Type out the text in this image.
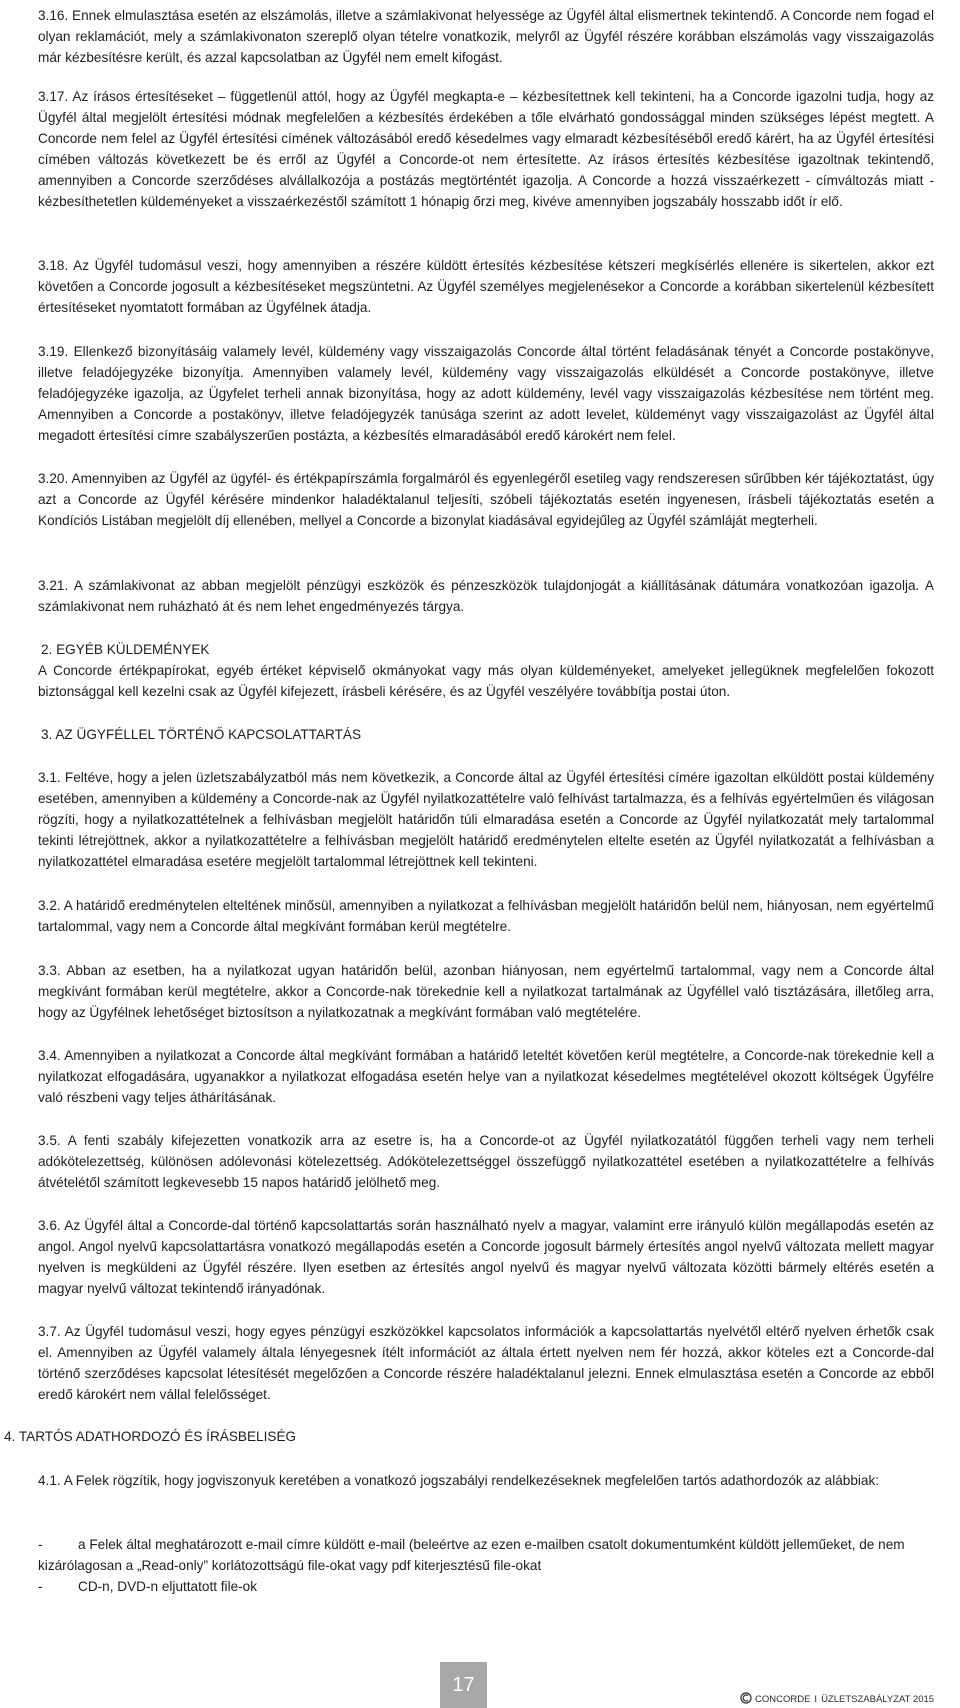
3.16. Ennek elmulasztása esetén az elszámolás, illetve a számlakivonat helyessége az Ügyfél által elismertnek tekintendő. A Concorde nem fogad el olyan reklamációt, mely a számlakivonaton szereplő olyan tételre vonatkozik, melyről az Ügyfél részére korábban elszámolás vagy visszaigazolás már kézbesítésre került, és azzal kapcsolatban az Ügyfél nem emelt kifogást.

3.17. Az írásos értesítéseket – függetlenül attól, hogy az Ügyfél megkapta-e – kézbesítettnek kell tekinteni, ha a Concorde igazolni tudja, hogy az Ügyfél által megjelölt értesítési módnak megfelelően a kézbesítés érdekében a tőle elvárható gondossággal minden szükséges lépést megtett. A Concorde nem felel az Ügyfél értesítési címének változásából eredő késedelmes vagy elmaradt kézbesítéséből eredő kárért, ha az Ügyfél értesítési címében változás következett be és erről az Ügyfél a Concorde-ot nem értesítette. Az írásos értesítés kézbesítése igazoltnak tekintendő, amennyiben a Concorde szerződéses alvállalkozója a postázás megtörténtét igazolja. A Concorde a hozzá visszaérkezett - címváltozás miatt - kézbesíthetetlen küldeményeket a visszaérkezéstől számított 1 hónapig őrzi meg, kivéve amennyiben jogszabály hosszabb időt ír elő.

3.18. Az Ügyfél tudomásul veszi, hogy amennyiben a részére küldött értesítés kézbesítése kétszeri megkísérlés ellenére is sikertelen, akkor ezt követően a Concorde jogosult a kézbesítéseket megszüntetni. Az Ügyfél személyes megjelenésekor a Concorde a korábban sikertelenül kézbesített értesítéseket nyomtatott formában az Ügyfélnek átadja.

3.19. Ellenkező bizonyításáig valamely levél, küldemény vagy visszaigazolás Concorde által történt feladásának tényét a Concorde postakönyve, illetve feladójegyzéke bizonyítja. Amennyiben valamely levél, küldemény vagy visszaigazolás elküldését a Concorde postakönyve, illetve feladójegyzéke igazolja, az Ügyfelet terheli annak bizonyítása, hogy az adott küldemény, levél vagy visszaigazolás kézbesítése nem történt meg. Amennyiben a Concorde a postakönyv, illetve feladójegyzék tanúsága szerint az adott levelet, küldeményt vagy visszaigazolást az Ügyfél által megadott értesítési címre szabályszerűen postázta, a kézbesítés elmaradásából eredő károkért nem felel.

3.20. Amennyiben az Ügyfél az ügyfél- és értékpapírszámla forgalmáról és egyenlegéről esetileg vagy rendszeresen sűrűbben kér tájékoztatást, úgy azt a Concorde az Ügyfél kérésére mindenkor haladéktalanul teljesíti, szóbeli tájékoztatás esetén ingyenesen, írásbeli tájékoztatás esetén a Kondíciós Listában megjelölt díj ellenében, mellyel a Concorde a bizonylat kiadásával egyidejűleg az Ügyfél számláját megterheli.

3.21. A számlakivonat az abban megjelölt pénzügyi eszközök és pénzeszközök tulajdonjogát a kiállításának dátumára vonatkozóan igazolja. A számlakivonat nem ruházható át és nem lehet engedményezés tárgya.

2. EGYÉB KÜLDEMÉNYEK

A Concorde értékpapírokat, egyéb értéket képviselő okmányokat vagy más olyan küldeményeket, amelyeket jellegüknek megfelelően fokozott biztonsággal kell kezelni csak az Ügyfél kifejezett, írásbeli kérésére, és az Ügyfél veszélyére továbbítja postai úton.

3. AZ ÜGYFÉLLEL TÖRTÉNŐ KAPCSOLATTARTÁS

3.1. Feltéve, hogy a jelen üzletszabályzatból más nem következik, a Concorde által az Ügyfél értesítési címére igazoltan elküldött postai küldemény esetében, amennyiben a küldemény a Concorde-nak az Ügyfél nyilatkozattételre való felhívást tartalmazza, és a felhívás egyértelműen és világosan rögzíti, hogy a nyilatkozattételnek a felhívásban megjelölt határidőn túli elmaradása esetén a Concorde az Ügyfél nyilatkozatát mely tartalommal tekinti létrejöttnek, akkor a nyilatkozattételre a felhívásban megjelölt határidő eredménytelen eltelte esetén az Ügyfél nyilatkozatát a felhívásban a nyilatkozattétel elmaradása esetére megjelölt tartalommal létrejöttnek kell tekinteni.

3.2. A határidő eredménytelen elteltének minősül, amennyiben a nyilatkozat a felhívásban megjelölt határidőn belül nem, hiányosan, nem egyértelmű tartalommal, vagy nem a Concorde által megkívánt formában kerül megtételre.

3.3. Abban az esetben, ha a nyilatkozat ugyan határidőn belül, azonban hiányosan, nem egyértelmű tartalommal, vagy nem a Concorde által megkívánt formában kerül megtételre, akkor a Concorde-nak törekednie kell a nyilatkozat tartalmának az Ügyféllel való tisztázására, illetőleg arra, hogy az Ügyfélnek lehetőséget biztosítson a nyilatkozatnak a megkívánt formában való megtételére.

3.4. Amennyiben a nyilatkozat a Concorde által megkívánt formában a határidő leteltét követően kerül megtételre, a Concorde-nak törekednie kell a nyilatkozat elfogadására, ugyanakkor a nyilatkozat elfogadása esetén helye van a nyilatkozat késedelmes megtételével okozott költségek Ügyfélre való részbeni vagy teljes áthárításának.

3.5. A fenti szabály kifejezetten vonatkozik arra az esetre is, ha a Concorde-ot az Ügyfél nyilatkozatától függően terheli vagy nem terheli adókötelezettség, különösen adólevonási kötelezettség. Adókötelezettséggel összefüggő nyilatkozattétel esetében a nyilatkozattételre a felhívás átvételétől számított legkevesebb 15 napos határidő jelölhető meg.

3.6. Az Ügyfél által a Concorde-dal történő kapcsolattartás során használható nyelv a magyar, valamint erre irányuló külön megállapodás esetén az angol. Angol nyelvű kapcsolattartásra vonatkozó megállapodás esetén a Concorde jogosult bármely értesítés angol nyelvű változata mellett magyar nyelven is megküldeni az Ügyfél részére. Ilyen esetben az értesítés angol nyelvű és magyar nyelvű változata közötti bármely eltérés esetén a magyar nyelvű változat tekintendő irányadónak.

3.7. Az Ügyfél tudomásul veszi, hogy egyes pénzügyi eszközökkel kapcsolatos információk a kapcsolattartás nyelvétől eltérő nyelven érhetők csak el. Amennyiben az Ügyfél valamely általa lényegesnek ítélt információt az általa értett nyelven nem fér hozzá, akkor köteles ezt a Concorde-dal történő szerződéses kapcsolat létesítését megelőzően a Concorde részére haladéktalanul jelezni. Ennek elmulasztása esetén a Concorde az ebből eredő károkért nem vállal felelősséget.

4. TARTÓS ADATHORDOZÓ ÉS ÍRÁSBELISÉG

4.1. A Felek rögzítik, hogy jogviszonyuk keretében a vonatkozó jogszabályi rendelkezéseknek megfelelően tartós adathordozók az alábbiak:

-	a Felek által meghatározott e-mail címre küldött e-mail (beleértve az ezen e-mailben csatolt dokumentumként küldött jelleműeket, de nem kizárólagosan a „Read-only” korlátozottságú file-okat vagy pdf kiterjesztésű file-okat

-	CD-n, DVD-n eljuttatott file-ok

17
CONCORDE I ÜZLETSZABÁLYZAT 2015
